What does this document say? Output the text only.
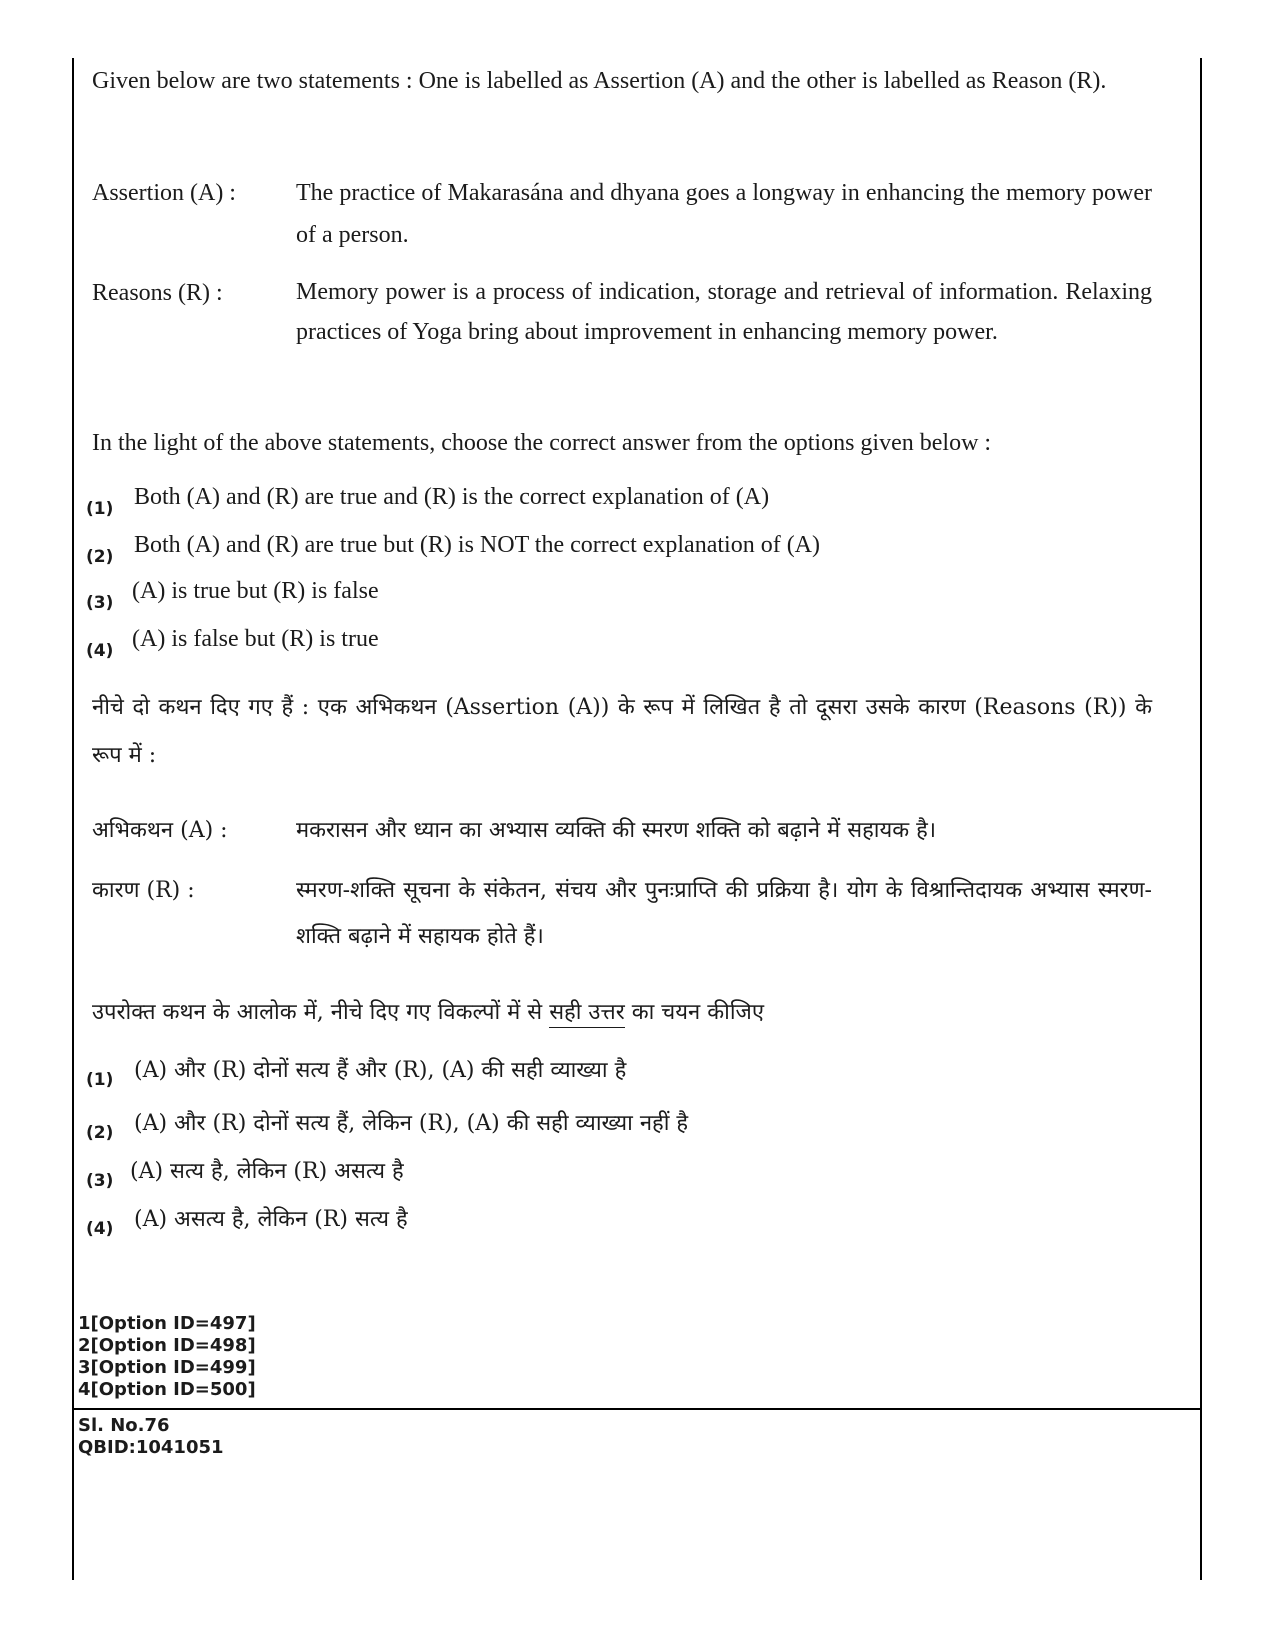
Given below are two statements : One is labelled as Assertion (A) and the other is labelled as Reason (R).
Assertion (A) :	The practice of Makarasána and dhyana goes a longway in enhancing the memory power of a person.
Reasons (R) :	Memory power is a process of indication, storage and retrieval of information. Relaxing practices of Yoga bring about improvement in enhancing memory power.
In the light of the above statements, choose the correct answer from the options given below :
(1) Both (A) and (R) are true and (R) is the correct explanation of (A)
(2) Both (A) and (R) are true but (R) is NOT the correct explanation of (A)
(3) (A) is true but (R) is false
(4) (A) is false but (R) is true
नीचे दो कथन दिए गए हैं : एक अभिकथन (Assertion (A)) के रूप में लिखित है तो दूसरा उसके कारण (Reasons (R)) के रूप में :
अभिकथन (A) :	मकरासन और ध्यान का अभ्यास व्यक्ति की स्मरण शक्ति को बढ़ाने में सहायक है।
कारण (R) :	स्मरण-शक्ति सूचना के संकेतन, संचय और पुनःप्राप्ति की प्रक्रिया है। योग के विश्रान्तिदायक अभ्यास स्मरण-शक्ति बढ़ाने में सहायक होते हैं।
उपरोक्त कथन के आलोक में, नीचे दिए गए विकल्पों में से सही उत्तर का चयन कीजिए
(1) (A) और (R) दोनों सत्य हैं और (R), (A) की सही व्याख्या है
(2) (A) और (R) दोनों सत्य हैं, लेकिन (R), (A) की सही व्याख्या नहीं है
(3) (A) सत्य है, लेकिन (R) असत्य है
(4) (A) असत्य है, लेकिन (R) सत्य है
1[Option ID=497]
2[Option ID=498]
3[Option ID=499]
4[Option ID=500]
Sl. No.76
QBID:1041051
